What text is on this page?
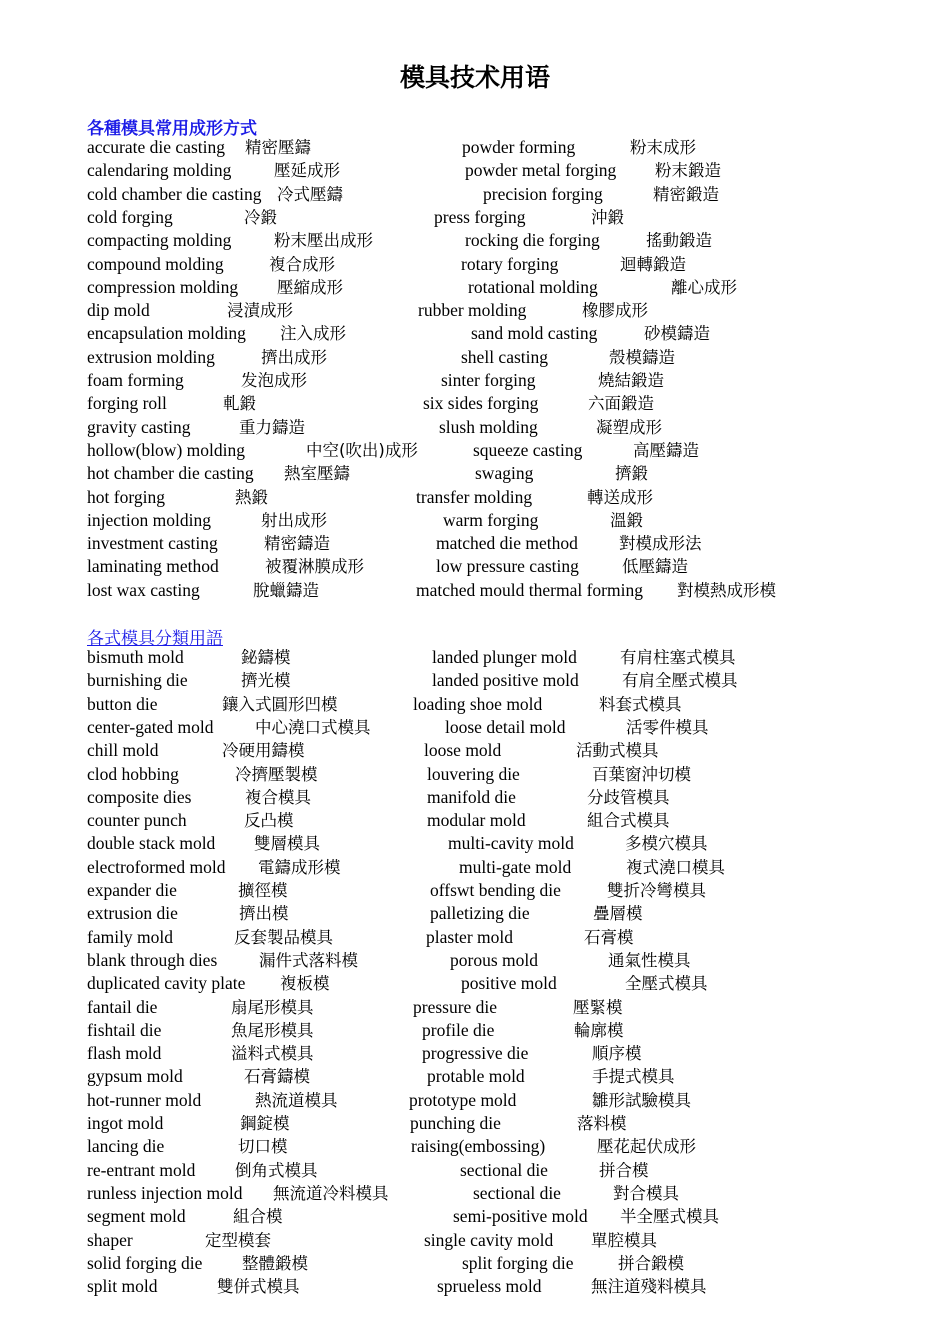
模具技术用语
各種模具常用成形方式
accurate die casting 精密壓鑄	powder forming	粉末成形
calendaring molding	壓延成形	powder metal forging 粉末鍛造
cold chamber die casting 冷式壓鑄	precision forging	精密鍛造
cold forging	冷鍛	press forging	沖鍛
compacting molding	粉末壓出成形	rocking die forging	搖動鍛造
compound molding	複合成形	rotary forging	迴轉鍛造
compression molding 壓縮成形	rotational molding	離心成形
dip mold	浸漬成形	rubber molding	橡膠成形
encapsulation molding 注入成形	sand mold casting	砂模鑄造
extrusion molding	擠出成形	shell casting	殼模鑄造
foam forming	发泡成形	sinter forging	燒結鍛造
forging roll	軋鍛	six sides forging	六面鍛造
gravity casting	重力鑄造	slush molding	凝塑成形
hollow(blow) molding	中空(吹出)成形	squeeze casting	高壓鑄造
hot chamber die casting 熱室壓鑄	swaging	擠鍛
hot forging	熱鍛	transfer molding	轉送成形
injection molding	射出成形	warm forging	溫鍛
investment casting	精密鑄造	matched die method 對模成形法
laminating method	被覆淋膜成形	low pressure casting	低壓鑄造
lost wax casting	脫蠟鑄造	matched mould thermal forming 對模熱成形模
各式模具分類用語
bismuth mold	鉍鑄模	landed plunger mold	有肩柱塞式模具
burnishing die	擠光模	landed positive mold	有肩全壓式模具
button die	鑲入式圓形凹模	loading shoe mold	料套式模具
center-gated mold	中心澆口式模具	loose detail mold	活零件模具
chill mold	冷硬用鑄模	loose mold	活動式模具
clod hobbing	冷擠壓製模	louvering die	百葉窗沖切模
composite dies	複合模具	manifold die	分歧管模具
counter punch	反凸模	modular mold	組合式模具
double stack mold 雙層模具	multi-cavity mold	多模穴模具
electroformed mold 電鑄成形模	multi-gate mold	複式澆口模具
expander die	擴徑模	offswt bending die	雙折冷彎模具
extrusion die	擠出模	palletizing die	疊層模
family mold	反套製品模具	plaster mold	石膏模
blank through dies	漏件式落料模	porous mold	通氣性模具
duplicated cavity plate 複板模	positive mold	全壓式模具
fantail die	扇尾形模具	pressure die	壓緊模
fishtail die	魚尾形模具	profile die	輪廓模
flash mold	溢料式模具	progressive die	順序模
gypsum mold	石膏鑄模	protable mold	手提式模具
hot-runner mold	熱流道模具	prototype mold	雛形試驗模具
ingot mold	鋼錠模	punching die	落料模
lancing die	切口模	raising(embossing)	壓花起伏成形
re-entrant mold 倒角式模具	sectional die	拼合模
runless injection mold 無流道冷料模具	sectional die	對合模具
segment mold	組合模	semi-positive mold 半全壓式模具
shaper	定型模套	single cavity mold 單腔模具
solid forging die 整體鍛模	split forging die	拼合鍛模
split mold	雙併式模具	sprueless mold	無注道殘料模具
